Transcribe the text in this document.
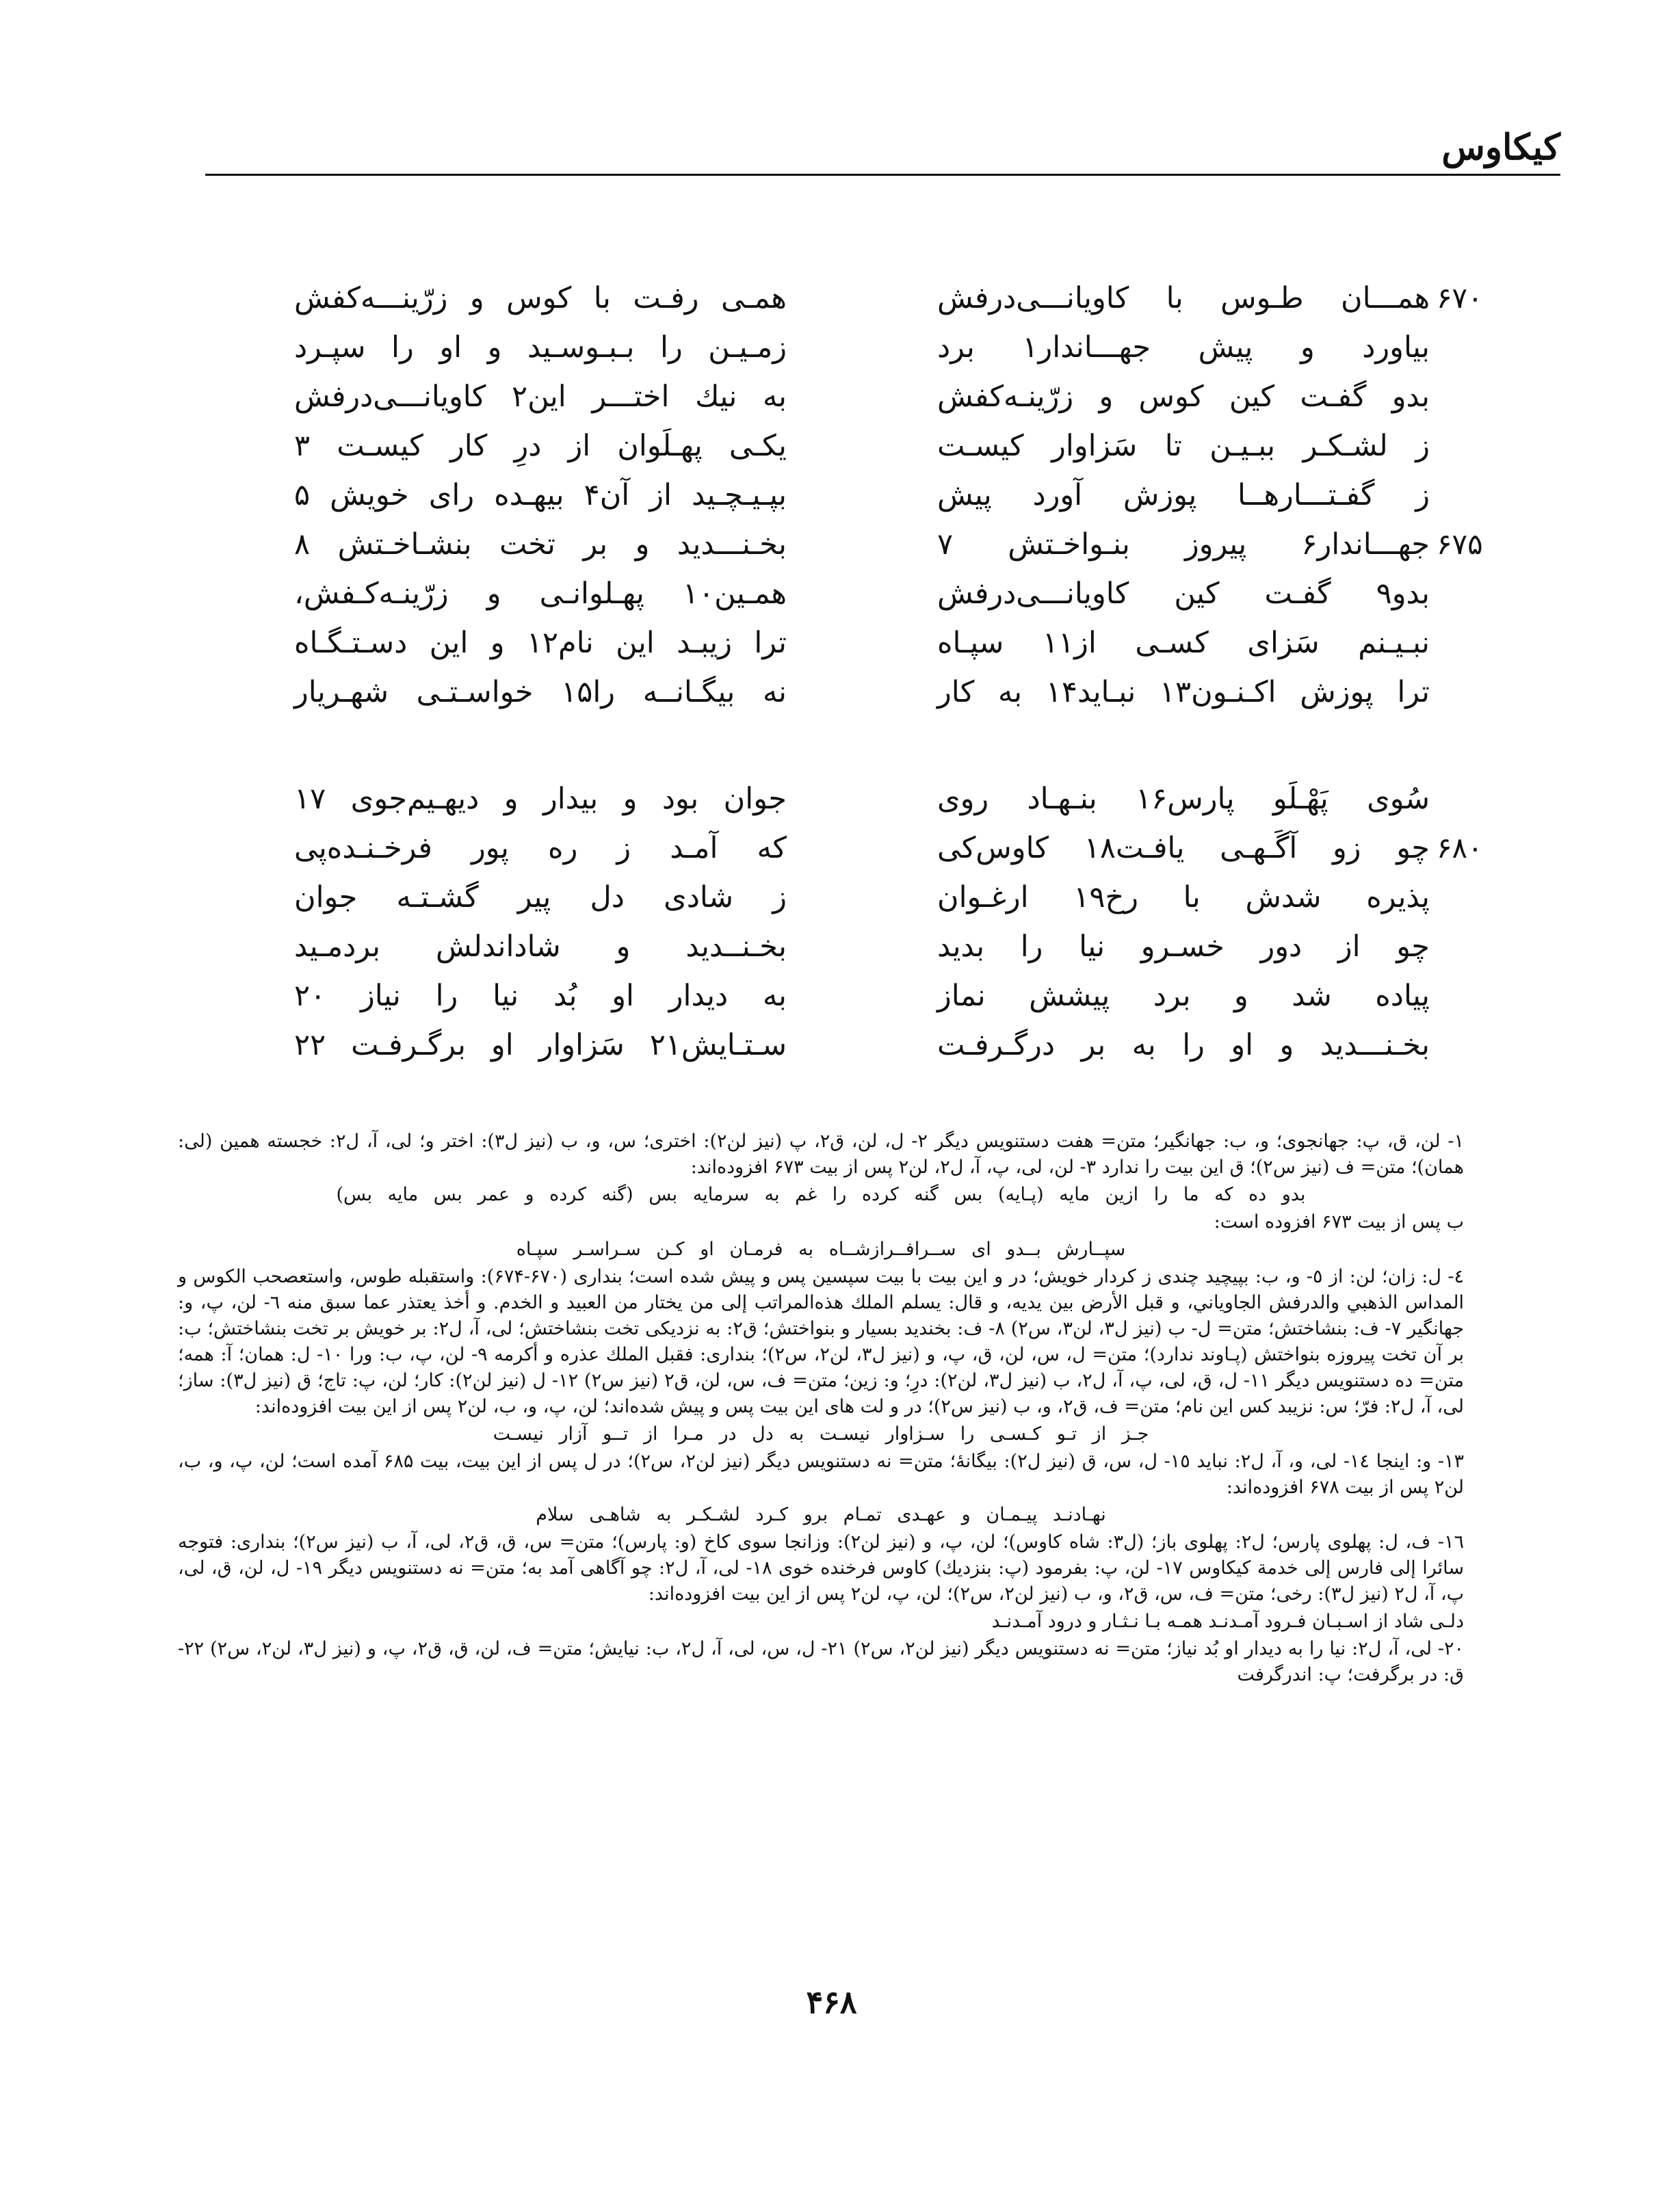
کیکاوس
۶۷۰
همـــان طـوس با کاویانـــی‌درفش
همـی رفـت با کوس و زرّینـــه‌کفش
بیاورد و پیش جهـــاندار۱ برد
زمـیـن را بـبـوسـید و او را سپـرد
بدو گفـت کین کوس و زرّینـه‌کفش
به نیك اختـــر این۲ کاویانـــی‌درفش
ز لشـکـر ببـیـن تا سَزاوار کیسـت
یکـی پهـلَوان از درِ کار کیسـت ۳
ز گفـتـــارهــا پوزش آورد پیش
بپـیـچـید از آن۴ بیهـده رای خویش ۵
۶۷۵
جهـــاندار۶ پیروز بنـواخـتش ۷
بخـنـــدید و بر تخت بنشـاخـتش ۸
بدو۹ گفـت کین کاویانـــی‌درفش
همـین۱۰ پهـلوانـی و زرّینـه‌کـفش،
نبـیـنم سَزای کسـی از۱۱ سپـاه
ترا زیبـد این نام۱۲ و این دسـتـگـاه
ترا پوزش اکـنـون۱۳ نبـاید۱۴ به کار
نه بیگـانــه را۱۵ خواسـتـی شهـریار
سُوی پَهْـلَو پارس۱۶ بنـهـاد روی
جوان بود و بیدار و دیهـیم‌جوی ۱۷
۶۸۰
چو زو آگَـهـی یافـت۱۸ کاوس‌کی
که آمـد ز ره پور فرخـنـده‌پی
پذیره شدش با رخ۱۹ ارغـوان
ز شادی دل پیر گشـتـه جوان
چو از دور خسـرو نیا را بدید
بخـنــدید و شاداندلش بردمـید
پیاده شد و برد پیشش نماز
به دیدار او بُد نیا را نیاز ۲۰
بخـنـــدید و او را به بر درگـرفـت
سـتـایش۲۱ سَزاوار او برگـرفـت ۲۲

۱- لن، ق، پ: جهانجوی؛ و، ب: جهانگیر؛ متن= هفت دستنویس دیگر ۲- ل، لن، ق۲، پ (نیز لن۲): اختری؛ س، و، ب (نیز ل۳): اختر و؛ لی، آ، ل۲: خجسته همین (لی: همان)؛ متن= ف (نیز س۲)؛ ق این بیت را ندارد ۳- لن، لی، پ، آ، ل۲، لن۲ پس از بیت ۶۷۳ افزوده‌اند:

بدو ده که ما را ازین مایه (پـایه) بس گنه کرده را غم به سرمایه بس (گنه کرده و عمر بس مایه بس)

ب پس از بیت ۶۷۳ افزوده است:

سپــارش بــدو ای ســرافــرازشــاه به فرمـان او کـن سـراسـر سپـاه

٤- ل: زان؛ لن: از ٥- و، ب: بپیچید چندی ز کردار خویش؛ در و این بیت با بیت سپسین پس و پیش شده است؛ بنداری (۶۷۰-۶۷۴): واستقبله طوس، واستعصحب الكوس و المداس الذهبي والدرفش الجاوياني، و قبل الأرض بين يديه، و قال: يسلم الملك هذه‌المراتب إلى من يختار من العبيد و الخدم. و أخذ يعتذر عما سبق منه ٦- لن، پ، و: جهانگیر ٧- ف: بنشاختش؛ متن= ل- ب (نیز ل۳، لن۳، س۲) ٨- ف: بخندید بسیار و بنواختش؛ ق۲: به نزدیکی تخت بنشاختش؛ لی، آ، ل۲: بر خویش بر تخت بنشاختش؛ ب: بر آن تخت پیروزه بنواختش (پـاوند ندارد)؛ متن= ل، س، لن، ق، پ، و (نیز ل۳، لن۲، س۲)؛ بنداری: فقبل الملك عذره و أكرمه ٩- لن، پ، ب: ورا ١٠- ل: همان؛ آ: همه؛ متن= ده دستنویس دیگر ١١- ل، ق، لی، پ، آ، ل۲، ب (نیز ل۳، لن۲): درِ؛ و: زین؛ متن= ف، س، لن، ق۲ (نیز س۲) ١٢- ل (نیز لن۲): کار؛ لن، پ: تاج؛ ق (نیز ل۳): ساز؛ لی، آ، ل۲: فرّ؛ س: نزیبد کس این نام؛ متن= ف، ق۲، و، ب (نیز س۲)؛ در و لت های این بیت پس و پیش شده‌اند؛ لن، پ، و، ب، لن۲ پس از این بیت افزوده‌اند:

جـز از تـو کـسـی را سـزاوار نیسـت به دل در مـرا از تــو آزار نیسـت

١٣- و: اینجا ١٤- لی، و، آ، ل۲: نباید ١٥- ل، س، ق (نیز ل۲): بیگانهٔ؛ متن= نه دستنویس دیگر (نیز لن۲، س۲)؛ در ل پس از این بیت، بیت ۶۸۵ آمده است؛ لن، پ، و، ب، لن۲ پس از بیت ۶۷۸ افزوده‌اند:

نهـادنـد پیـمـان و عهـدی تمـام برو کـرد لشـکـر به شاهـی سلام

١٦- ف، ل: پهلوی پارس؛ ل۲: پهلوی باز؛ (ل۳: شاه کاوس)؛ لن، پ، و (نیز لن۲): وزانجا سوی کاخ (و: پارس)؛ متن= س، ق، ق۲، لی، آ، ب (نیز س۲)؛ بنداری: فتوجه سائرا إلى فارس إلى خدمة كيكاوس ١٧- لن، پ: بفرمود (پ: بنزدیك) کاوس فرخنده خوی ١٨- لی، آ، ل۲: چو آگاهی آمد به؛ متن= نه دستنویس دیگر ١٩- ل، لن، ق، لی، پ، آ، ل۲ (نیز ل۳): رخی؛ متن= ف، س، ق۲، و، ب (نیز لن۲، س۲)؛ لن، پ، لن۲ پس از این بیت افزوده‌اند:

دلـی شاد از اسـبـان فـرود آمـدنـد همـه بـا نـثـار و درود آمـدنـد

٢٠- لی، آ، ل۲: نیا را به دیدار او بُد نیاز؛ متن= نه دستنویس دیگر (نیز لن۲، س۲) ٢١- ل، س، لی، آ، ل۲، ب: نیایش؛ متن= ف، لن، ق، ق۲، پ، و (نیز ل۳، لن۲، س۲) ٢٢- ق: در برگرفت؛ پ: اندرگرفت

۴۶۸
